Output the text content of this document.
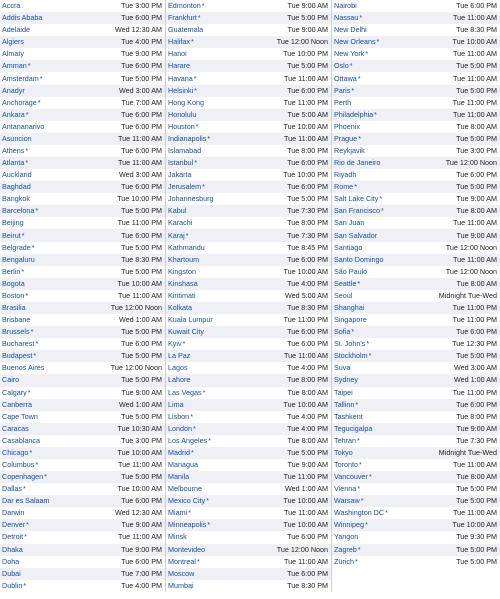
Accra	Tue 3:00 PM
Addis Ababa	Tue 6:00 PM
Adelaide	Wed 12:30 AM
Algiers	Tue 4:00 PM
Almaty	Tue 9:00 PM
Amman*	Tue 6:00 PM
Amsterdam*	Tue 5:00 PM
Anadyr	Wed 3:00 AM
Anchorage*	Tue 7:00 AM
Ankara*	Tue 6:00 PM
Antananarivo	Tue 6:00 PM
Asuncion	Tue 11:00 AM
Athens*	Tue 6:00 PM
Atlanta*	Tue 11:00 AM
Auckland	Wed 3:00 AM
Baghdad	Tue 6:00 PM
Bangkok	Tue 10:00 PM
Barcelona*	Tue 5:00 PM
Beijing	Tue 11:00 PM
Beirut*	Tue 6:00 PM
Belgrade*	Tue 5:00 PM
Bengaluru	Tue 8:30 PM
Berlin*	Tue 5:00 PM
Bogota	Tue 10:00 AM
Boston*	Tue 11:00 AM
Brasilia	Tue 12:00 Noon
Brisbane	Wed 1:00 AM
Brussels*	Tue 5:00 PM
Bucharest*	Tue 6:00 PM
Budapest*	Tue 5:00 PM
Buenos Aires	Tue 12:00 Noon
Cairo	Tue 5:00 PM
Calgary*	Tue 9:00 AM
Canberra	Wed 1:00 AM
Cape Town	Tue 5:00 PM
Caracas	Tue 10:30 AM
Casablanca	Tue 3:00 PM
Chicago*	Tue 10:00 AM
Columbus*	Tue 11:00 AM
Copenhagen*	Tue 5:00 PM
Dallas*	Tue 10:00 AM
Dar es Salaam	Tue 6:00 PM
Darwin	Wed 12:30 AM
Denver*	Tue 9:00 AM
Detroit*	Tue 11:00 AM
Dhaka	Tue 9:00 PM
Doha	Tue 6:00 PM
Dubai	Tue 7:00 PM
Dublin*	Tue 4:00 PM
Edmonton*	Tue 9:00 AM
Frankfurt*	Tue 5:00 PM
Guatemala	Tue 9:00 AM
Halifax*	Tue 12:00 Noon
Hanoi	Tue 10:00 PM
Harare	Tue 5:00 PM
Havana*	Tue 11:00 AM
Helsinki*	Tue 6:00 PM
Hong Kong	Tue 11:00 PM
Honolulu	Tue 5:00 AM
Houston*	Tue 10:00 AM
Indianapolis*	Tue 11:00 AM
Islamabad	Tue 8:00 PM
Istanbul*	Tue 6:00 PM
Jakarta	Tue 10:00 PM
Jerusalem*	Tue 6:00 PM
Johannesburg	Tue 5:00 PM
Kabul	Tue 7:30 PM
Karachi	Tue 8:00 PM
Karaj*	Tue 7:30 PM
Kathmandu	Tue 8:45 PM
Khartoum	Tue 6:00 PM
Kingston	Tue 10:00 AM
Kinshasa	Tue 4:00 PM
Kiritimati	Wed 5:00 AM
Kolkata	Tue 8:30 PM
Kuala Lumpur	Tue 11:00 PM
Kuwait City	Tue 6:00 PM
Kyiv*	Tue 6:00 PM
La Paz	Tue 11:00 AM
Lagos	Tue 4:00 PM
Lahore	Tue 8:00 PM
Las Vegas*	Tue 8:00 AM
Lima	Tue 10:00 AM
Lisbon*	Tue 4:00 PM
London*	Tue 4:00 PM
Los Angeles*	Tue 8:00 AM
Madrid*	Tue 5:00 PM
Managua	Tue 9:00 AM
Manila	Tue 11:00 PM
Melbourne	Wed 1:00 AM
Mexico City*	Tue 10:00 AM
Miami*	Tue 11:00 AM
Minneapolis*	Tue 10:00 AM
Minsk	Tue 6:00 PM
Montevideo	Tue 12:00 Noon
Montreal*	Tue 11:00 AM
Moscow	Tue 6:00 PM
Mumbai	Tue 8:30 PM
Nairobi	Tue 6:00 PM
Nassau*	Tue 11:00 AM
New Delhi	Tue 8:30 PM
New Orleans*	Tue 10:00 AM
New York*	Tue 11:00 AM
Oslo*	Tue 5:00 PM
Ottawa*	Tue 11:00 AM
Paris*	Tue 5:00 PM
Perth	Tue 11:00 PM
Philadelphia*	Tue 11:00 AM
Phoenix	Tue 8:00 AM
Prague*	Tue 5:00 PM
Reykjavik	Tue 3:00 PM
Rio de Janeiro	Tue 12:00 Noon
Riyadh	Tue 6:00 PM
Rome*	Tue 5:00 PM
Salt Lake City*	Tue 9:00 AM
San Francisco*	Tue 8:00 AM
San Juan	Tue 11:00 AM
San Salvador	Tue 9:00 AM
Santiago	Tue 12:00 Noon
Santo Domingo	Tue 11:00 AM
São Paulo	Tue 12:00 Noon
Seattle*	Tue 8:00 AM
Seoul	Midnight Tue-Wed
Shanghai	Tue 11:00 PM
Singapore	Tue 11:00 PM
Sofia*	Tue 6:00 PM
St. John's*	Tue 12:30 PM
Stockholm*	Tue 5:00 PM
Suva	Wed 3:00 AM
Sydney	Wed 1:00 AM
Taipei	Tue 11:00 PM
Tallinn*	Tue 6:00 PM
Tashkent	Tue 8:00 PM
Tegucigalpa	Tue 9:00 AM
Tehran*	Tue 7:30 PM
Tokyo	Midnight Tue-Wed
Toronto*	Tue 11:00 AM
Vancouver*	Tue 8:00 AM
Vienna*	Tue 5:00 PM
Warsaw*	Tue 5:00 PM
Washington DC*	Tue 11:00 AM
Winnipeg*	Tue 10:00 AM
Yangon	Tue 9:30 PM
Zagreb*	Tue 5:00 PM
Zürich*	Tue 5:00 PM
